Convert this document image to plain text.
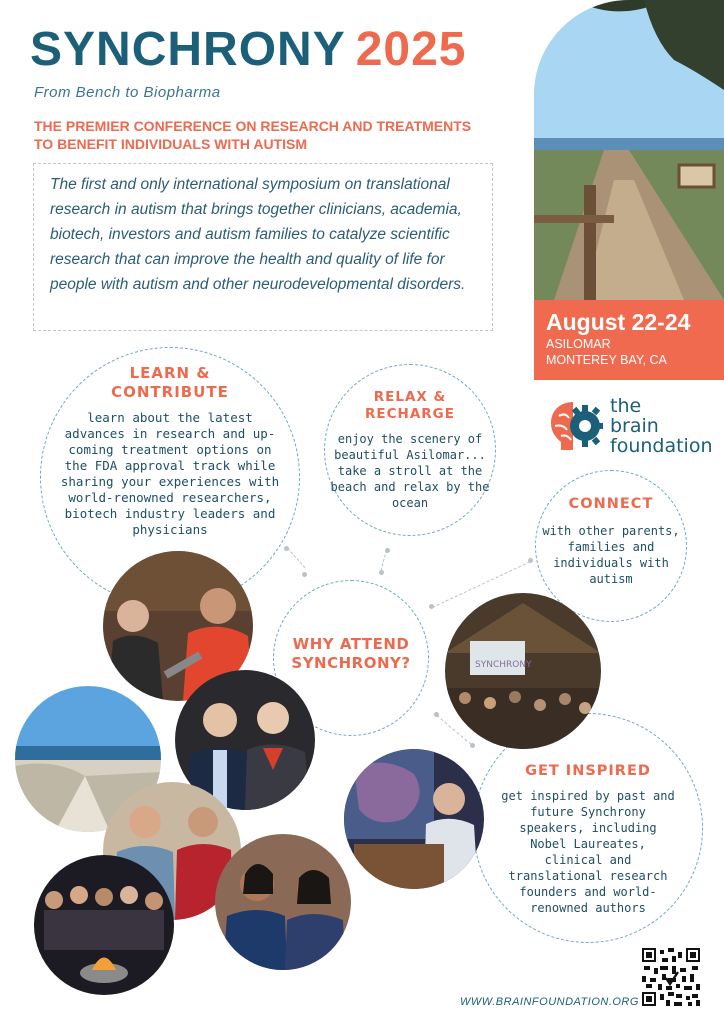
SYNCHRONY 2025
From Bench to Biopharma
THE PREMIER CONFERENCE ON RESEARCH AND TREATMENTS TO BENEFIT INDIVIDUALS WITH AUTISM

The first and only international symposium on translational research in autism that brings together clinicians, academia, biotech, investors and autism families to catalyze scientific research that can improve the health and quality of life for people with autism and other neurodevelopmental disorders.

August 22-24
ASILOMAR
MONTEREY BAY, CA
the
brain
foundation
LEARN & CONTRIBUTE
learn about the latest advances in research and up-coming treatment options on the FDA approval track while sharing your experiences with world-renowned researchers, biotech industry leaders and physicians
RELAX & RECHARGE
enjoy the scenery of beautiful Asilomar... take a stroll at the beach and relax by the ocean	CONNECT
with other parents, families and individuals with autism
WHY ATTEND SYNCHRONY?
GET INSPIRED
get inspired by past and future Synchrony speakers, including Nobel Laureates, clinical and translational research founders and world-renowned authors
SYNCHRONY
WWW.BRAINFOUNDATION.ORG
